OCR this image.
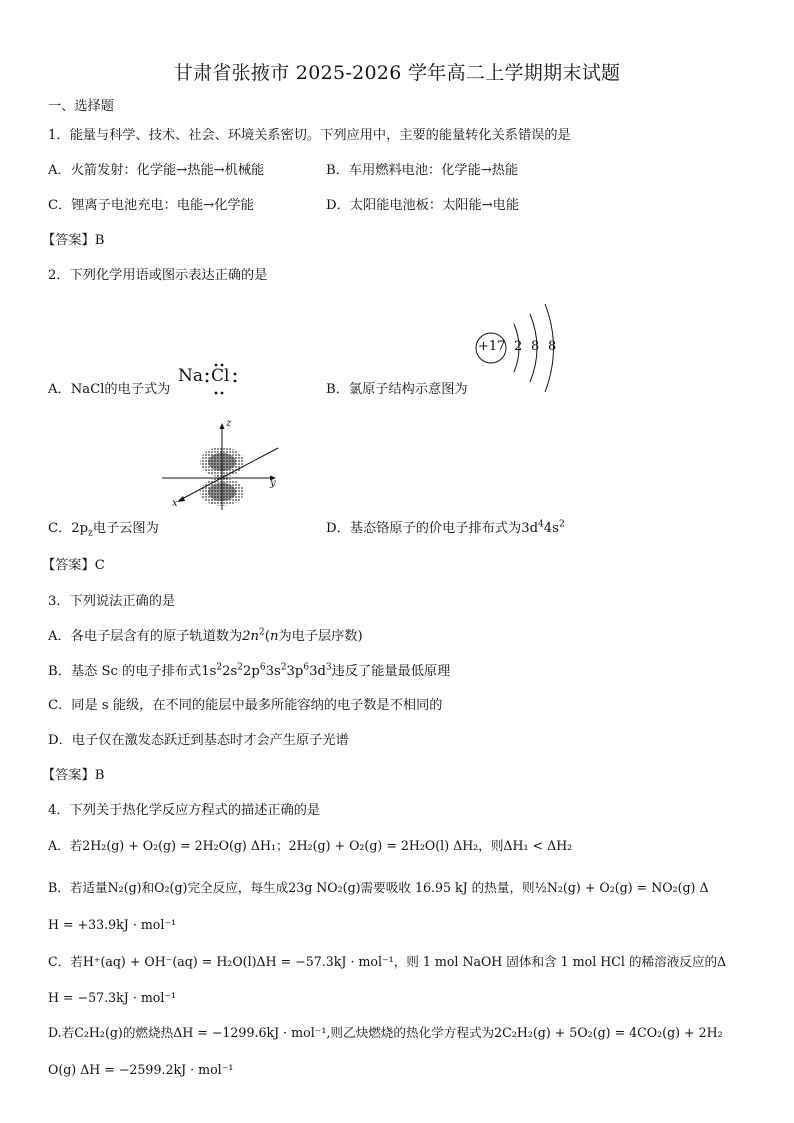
甘肃省张掖市 2025-2026 学年高二上学期期末试题
一、选择题
1．能量与科学、技术、社会、环境关系密切。下列应用中，主要的能量转化关系错误的是
A．火箭发射：化学能→热能→机械能	B．车用燃料电池：化学能→热能
C．锂离子电池充电：电能→化学能	D．太阳能电池板：太阳能→电能
【答案】B
2．下列化学用语或图示表达正确的是
A．NaCl的电子式为
Na Cl
B．氯原子结构示意图为
+17 2 8 8
z
y
x
C．$2p_z$电子云图为	D．基态铬原子的价电子排布式为$3d^44s^2$
【答案】C
3．下列说法正确的是
A．各电子层含有的原子轨道数为$2n^2(n$为电子层序数)
B．基态 Sc 的电子排布式$1s^22s^22p^63s^23p^63d^3$违反了能量最低原理
C．同是 s 能级，在不同的能层中最多所能容纳的电子数是不相同的
D．电子仅在激发态跃迁到基态时才会产生原子光谱
【答案】B
4．下列关于热化学反应方程式的描述正确的是
A．若2H₂(g) + O₂(g) = 2H₂O(g) ΔH₁；2H₂(g) + O₂(g) = 2H₂O(l) ΔH₂，则ΔH₁ < ΔH₂
B．若适量N₂(g)和O₂(g)完全反应，每生成23g NO₂(g)需要吸收 16.95 kJ 的热量，则½N₂(g) + O₂(g) = NO₂(g) Δ
H = +33.9kJ · mol⁻¹
C．若H⁺(aq) + OH⁻(aq) = H₂O(l)ΔH = −57.3kJ · mol⁻¹，则 1 mol NaOH 固体和含 1 mol HCl 的稀溶液反应的Δ
H = −57.3kJ · mol⁻¹
D.若C₂H₂(g)的燃烧热ΔH = −1299.6kJ · mol⁻¹,则乙炔燃烧的热化学方程式为2C₂H₂(g) + 5O₂(g) = 4CO₂(g) + 2H₂
O(g) ΔH = −2599.2kJ · mol⁻¹
